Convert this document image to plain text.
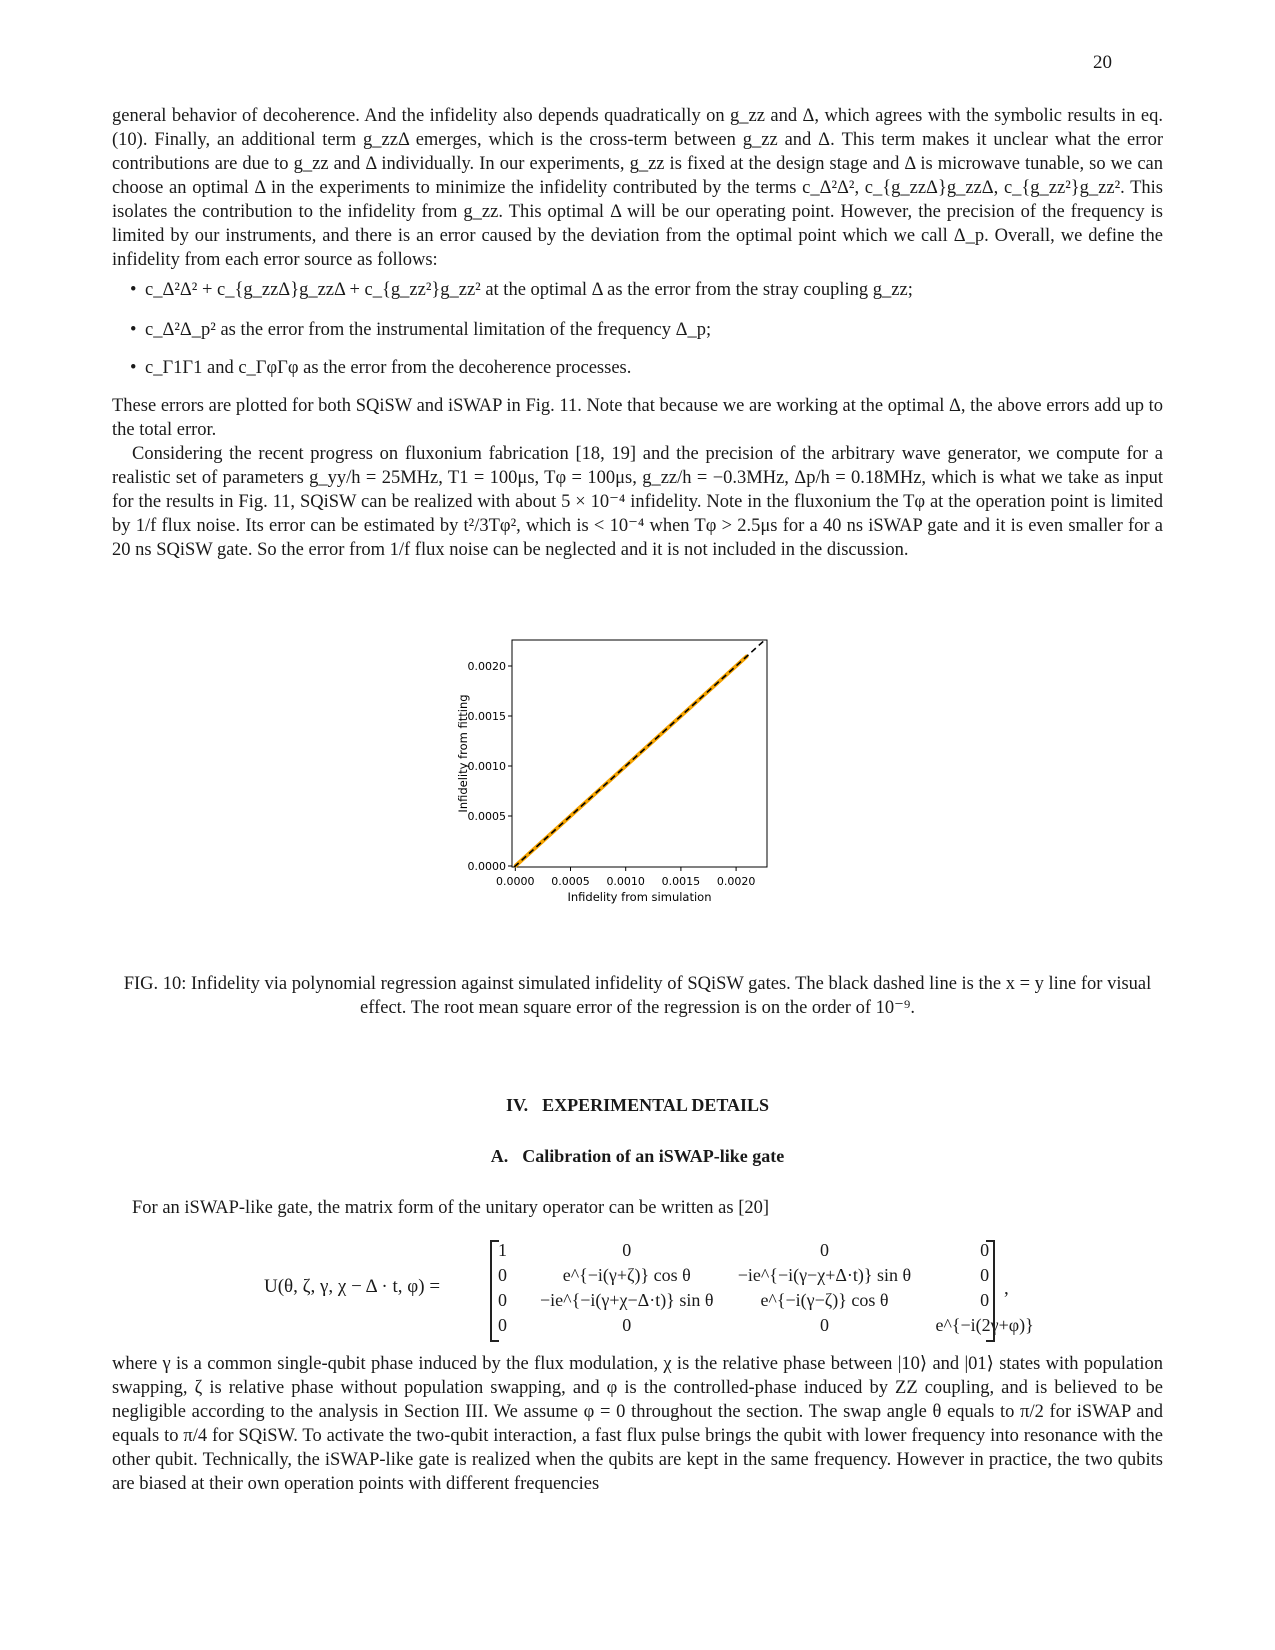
20

general behavior of decoherence. And the infidelity also depends quadratically on g_zz and Δ, which agrees with the symbolic results in eq. (10). Finally, an additional term g_zzΔ emerges, which is the cross-term between g_zz and Δ. This term makes it unclear what the error contributions are due to g_zz and Δ individually. In our experiments, g_zz is fixed at the design stage and Δ is microwave tunable, so we can choose an optimal Δ in the experiments to minimize the infidelity contributed by the terms c_Δ²Δ², c_{g_zzΔ}g_zzΔ, c_{g_zz²}g_zz². This isolates the contribution to the infidelity from g_zz. This optimal Δ will be our operating point. However, the precision of the frequency is limited by our instruments, and there is an error caused by the deviation from the optimal point which we call Δ_p. Overall, we define the infidelity from each error source as follows:

• c_Δ²Δ² + c_{g_zzΔ}g_zzΔ + c_{g_zz²}g_zz² at the optimal Δ as the error from the stray coupling g_zz;
• c_Δ²Δ_p² as the error from the instrumental limitation of the frequency Δ_p;
• c_Γ1Γ1 and c_ΓφΓφ as the error from the decoherence processes.

These errors are plotted for both SQiSW and iSWAP in Fig. 11. Note that because we are working at the optimal Δ, the above errors add up to the total error.

Considering the recent progress on fluxonium fabrication [18, 19] and the precision of the arbitrary wave generator, we compute for a realistic set of parameters g_yy/h = 25MHz, T1 = 100μs, Tφ = 100μs, g_zz/h = −0.3MHz, Δp/h = 0.18MHz, which is what we take as input for the results in Fig. 11, SQiSW can be realized with about 5 × 10⁻⁴ infidelity. Note in the fluxonium the Tφ at the operation point is limited by 1/f flux noise. Its error can be estimated by t²/3Tφ², which is < 10⁻⁴ when Tφ > 2.5μs for a 40 ns iSWAP gate and it is even smaller for a 20 ns SQiSW gate. So the error from 1/f flux noise can be neglected and it is not included in the discussion.

0.0000 0.0005 0.0010 0.0015 0.0020
0.0000
0.0005
0.0010
0.0015
0.0020
Infidelity from simulation
Infidelity from fitting
FIG. 10: Infidelity via polynomial regression against simulated infidelity of SQiSW gates. The black dashed line is the x = y line for visual effect. The root mean square error of the regression is on the order of 10⁻⁹.
IV. EXPERIMENTAL DETAILS
A. Calibration of an iSWAP-like gate

For an iSWAP-like gate, the matrix form of the unitary operator can be written as [20]

U(θ, ζ, γ, χ − Δ · t, φ) =
1	0	0	0
0	e^{−i(γ+ζ)} cos θ	−ie^{−i(γ−χ+Δ·t)} sin θ	0
0	−ie^{−i(γ+χ−Δ·t)} sin θ	e^{−i(γ−ζ)} cos θ	0
0	0	0	e^{−i(2γ+φ)}
,

where γ is a common single-qubit phase induced by the flux modulation, χ is the relative phase between |10⟩ and |01⟩ states with population swapping, ζ is relative phase without population swapping, and φ is the controlled-phase induced by ZZ coupling, and is believed to be negligible according to the analysis in Section III. We assume φ = 0 throughout the section. The swap angle θ equals to π/2 for iSWAP and equals to π/4 for SQiSW. To activate the two-qubit interaction, a fast flux pulse brings the qubit with lower frequency into resonance with the other qubit. Technically, the iSWAP-like gate is realized when the qubits are kept in the same frequency. However in practice, the two qubits are biased at their own operation points with different frequencies
